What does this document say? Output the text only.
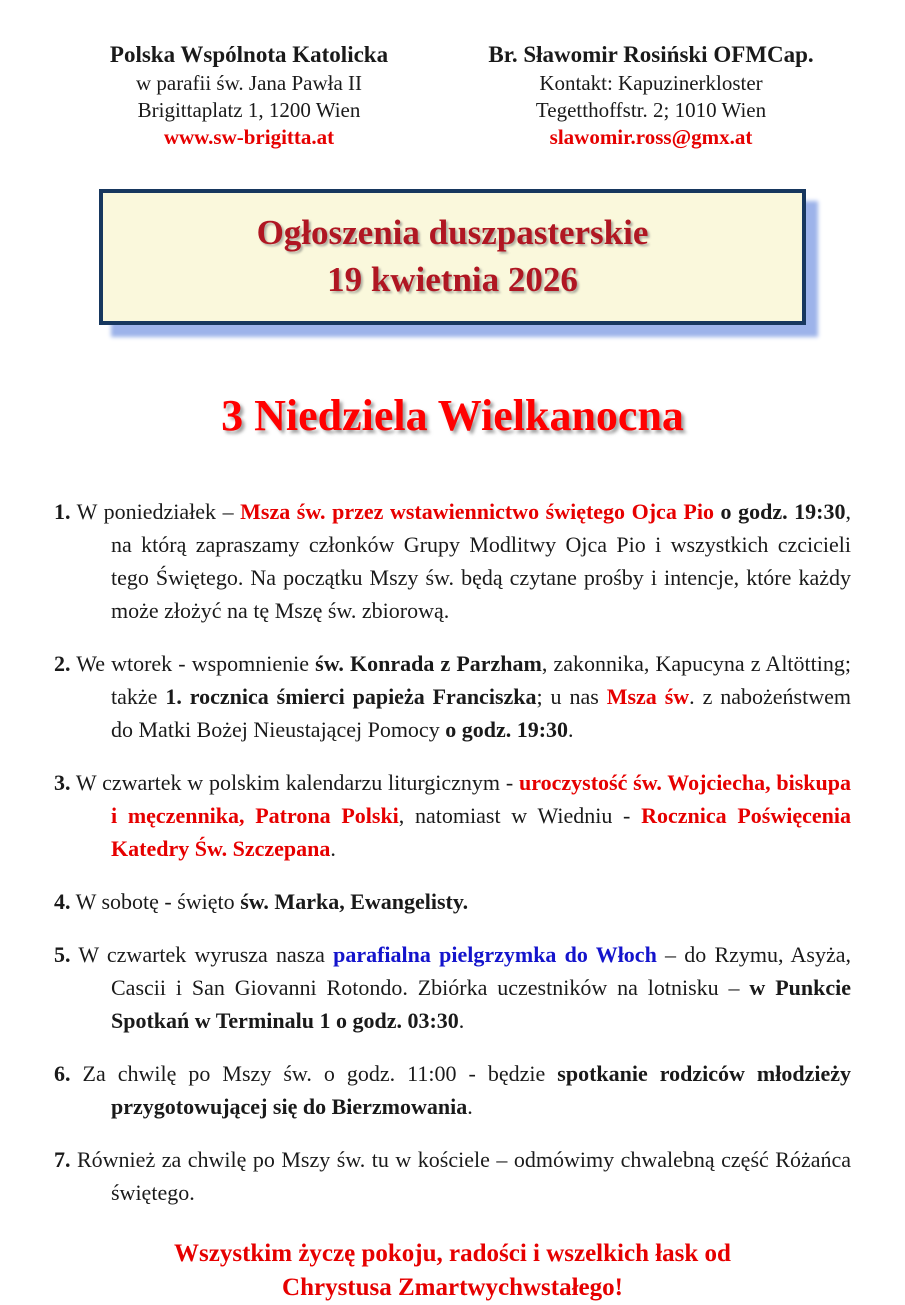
Polska Wspólnota Katolicka
w parafii św. Jana Pawła II
Brigittaplatz 1, 1200 Wien
www.sw-brigitta.at
Br. Sławomir Rosiński OFMCap.
Kontakt: Kapuzinerkloster
Tegetthoffstr. 2; 1010 Wien
slawomir.ross@gmx.at
Ogłoszenia duszpasterskie
19 kwietnia 2026
3 Niedziela Wielkanocna

1. W poniedziałek – Msza św. przez wstawiennictwo świętego Ojca Pio o godz. 19:30, na którą zapraszamy członków Grupy Modlitwy Ojca Pio i wszystkich czcicieli tego Świętego. Na początku Mszy św. będą czytane prośby i intencje, które każdy może złożyć na tę Mszę św. zbiorową.

2. We wtorek - wspomnienie św. Konrada z Parzham, zakonnika, Kapucyna z Altötting; także 1. rocznica śmierci papieża Franciszka; u nas Msza św. z nabożeństwem do Matki Bożej Nieustającej Pomocy o godz. 19:30.

3. W czwartek w polskim kalendarzu liturgicznym - uroczystość św. Wojciecha, biskupa i męczennika, Patrona Polski, natomiast w Wiedniu - Rocznica Poświęcenia Katedry Św. Szczepana.

4. W sobotę - święto św. Marka, Ewangelisty.

5. W czwartek wyrusza nasza parafialna pielgrzymka do Włoch – do Rzymu, Asyża, Cascii i San Giovanni Rotondo. Zbiórka uczestników na lotnisku – w Punkcie Spotkań w Terminalu 1 o godz. 03:30.

6. Za chwilę po Mszy św. o godz. 11:00 - będzie spotkanie rodziców młodzieży przygotowującej się do Bierzmowania.

7. Również za chwilę po Mszy św. tu w kościele – odmówimy chwalebną część Różańca świętego.

Wszystkim życzę pokoju, radości i wszelkich łask od Chrystusa Zmartwychwstałego!
